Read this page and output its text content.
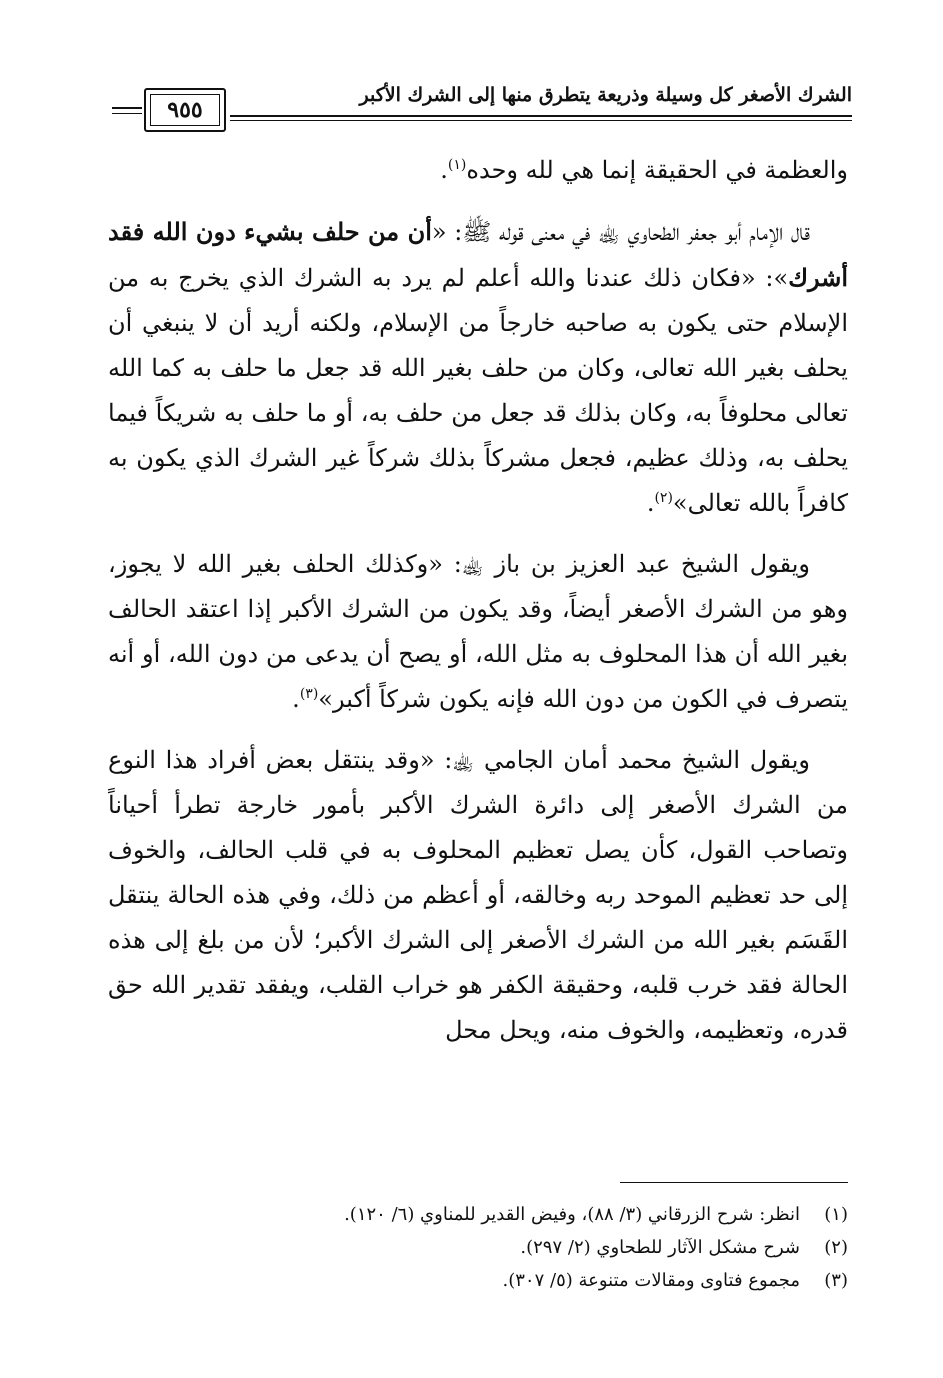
الشرك الأصغر كل وسيلة وذريعة يتطرق منها إلى الشرك الأكبر
٩٥٥

والعظمة في الحقيقة إنما هي لله وحده$^{(١)}$.

قال الإمام أبو جعفر الطحاوي ﵀ في معنى قوله ﷺ: «أن من حلف بشيء دون الله فقد أشرك»: «فكان ذلك عندنا والله أعلم لم يرد به الشرك الذي يخرج به من الإسلام حتى يكون به صاحبه خارجاً من الإسلام، ولكنه أريد أن لا ينبغي أن يحلف بغير الله تعالى، وكان من حلف بغير الله قد جعل ما حلف به كما الله تعالى محلوفاً به، وكان بذلك قد جعل من حلف به، أو ما حلف به شريكاً فيما يحلف به، وذلك عظيم، فجعل مشركاً بذلك شركاً غير الشرك الذي يكون به كافراً بالله تعالى»$^{(٢)}$.

ويقول الشيخ عبد العزيز بن باز ﵀: «وكذلك الحلف بغير الله لا يجوز، وهو من الشرك الأصغر أيضاً، وقد يكون من الشرك الأكبر إذا اعتقد الحالف بغير الله أن هذا المحلوف به مثل الله، أو يصح أن يدعى من دون الله، أو أنه يتصرف في الكون من دون الله فإنه يكون شركاً أكبر»$^{(٣)}$.

ويقول الشيخ محمد أمان الجامي ﵀: «وقد ينتقل بعض أفراد هذا النوع من الشرك الأصغر إلى دائرة الشرك الأكبر بأمور خارجة تطرأ أحياناً وتصاحب القول، كأن يصل تعظيم المحلوف به في قلب الحالف، والخوف إلى حد تعظيم الموحد ربه وخالقه، أو أعظم من ذلك، وفي هذه الحالة ينتقل القَسَم بغير الله من الشرك الأصغر إلى الشرك الأكبر؛ لأن من بلغ إلى هذه الحالة فقد خرب قلبه، وحقيقة الكفر هو خراب القلب، ويفقد تقدير الله حق قدره، وتعظيمه، والخوف منه، ويحل محل

(١)انظر: شرح الزرقاني (٣/ ٨٨)، وفيض القدير للمناوي (٦/ ١٢٠).
(٢)شرح مشكل الآثار للطحاوي (٢/ ٢٩٧).
(٣)مجموع فتاوى ومقالات متنوعة (٥/ ٣٠٧).
